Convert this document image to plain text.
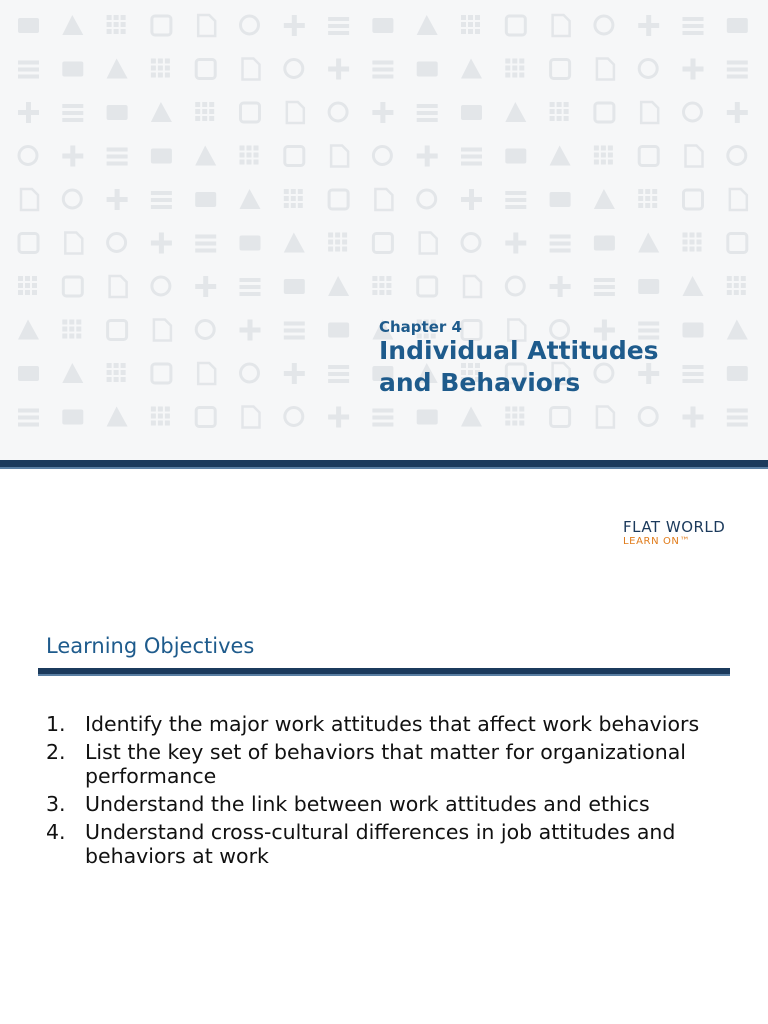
Chapter 4
Individual Attitudes
and Behaviors
FLAT WORLD
LEARN ON™
Learning Objectives
1. Identify the major work attitudes that affect work behaviors
2. List the key set of behaviors that matter for organizational performance
3. Understand the link between work attitudes and ethics
4. Understand cross-cultural differences in job attitudes and behaviors at work
